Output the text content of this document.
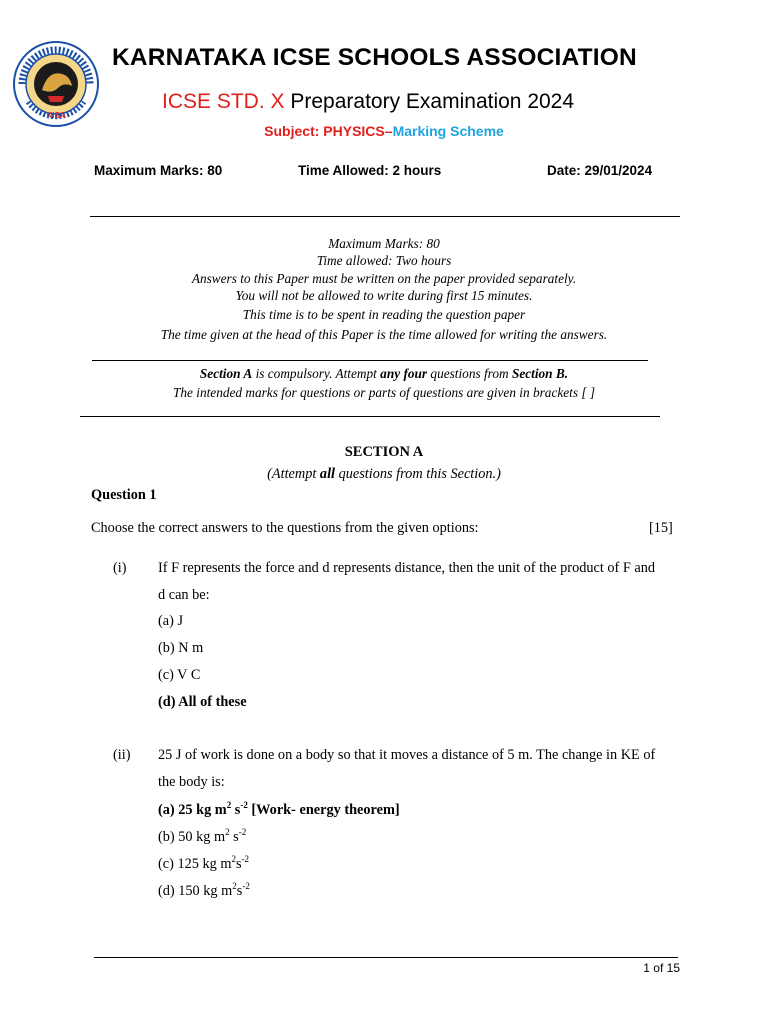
KISA
KARNATAKA ICSE SCHOOLS ASSOCIATION
ICSE STD. X Preparatory Examination 2024
Subject: PHYSICS–Marking Scheme
Maximum Marks: 80	Time Allowed: 2 hours	Date: 29/01/2024
Maximum Marks: 80
Time allowed: Two hours
Answers to this Paper must be written on the paper provided separately.
You will not be allowed to write during first 15 minutes.
This time is to be spent in reading the question paper
The time given at the head of this Paper is the time allowed for writing the answers.
Section A is compulsory. Attempt any four questions from Section B.
The intended marks for questions or parts of questions are given in brackets [ ]
SECTION A
(Attempt all questions from this Section.)
Question 1
Choose the correct answers to the questions from the given options:	[15]
(i) If F represents the force and d represents distance, then the unit of the product of F and
d can be:
(a) J
(b) N m
(c) V C
(d) All of these
(ii) 25 J of work is done on a body so that it moves a distance of 5 m. The change in KE of
the body is:
(a) 25 kg $m^2$ $s^{-2}$ [Work- energy theorem]
(b) 50 kg $m^2$ $s^{-2}$
(c) 125 kg $m^2s^{-2}$
(d) 150 kg $m^2s^{-2}$
1 of 15
